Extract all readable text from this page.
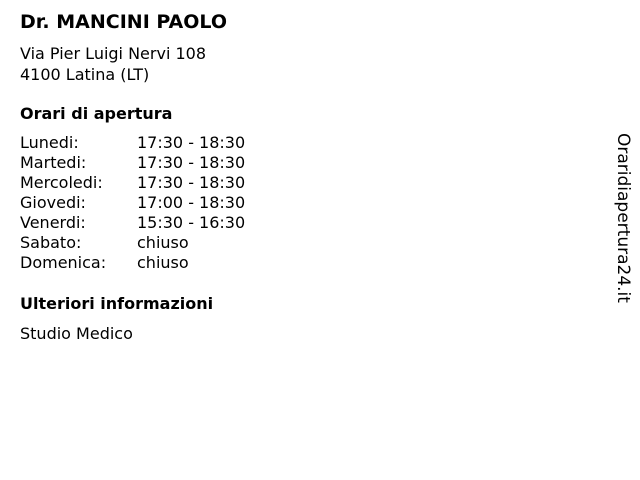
Dr. MANCINI PAOLO
Via Pier Luigi Nervi 108
4100 Latina (LT)
Orari di apertura
Lunedi:	17:30 - 18:30
Martedi:	17:30 - 18:30
Mercoledi:	17:30 - 18:30
Giovedi:	17:00 - 18:30
Venerdi:	15:30 - 16:30
Sabato:	chiuso
Domenica:	chiuso
Ulteriori informazioni
Studio Medico
Oraridiapertura24.it
